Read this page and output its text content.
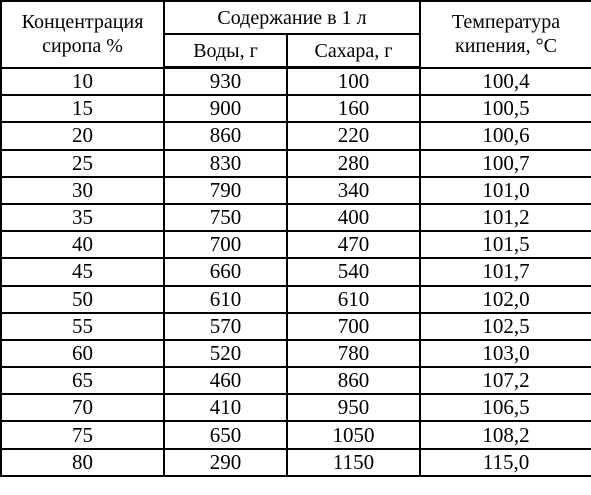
Концентрация
сиропа %	Содержание в 1 л		Температура
кипения, °С
	Воды, г	Сахара, г	
10	930	100	100,4
15	900	160	100,5
20	860	220	100,6
25	830	280	100,7
30	790	340	101,0
35	750	400	101,2
40	700	470	101,5
45	660	540	101,7
50	610	610	102,0
55	570	700	102,5
60	520	780	103,0
65	460	860	107,2
70	410	950	106,5
75	650	1050	108,2
80	290	1150	115,0
